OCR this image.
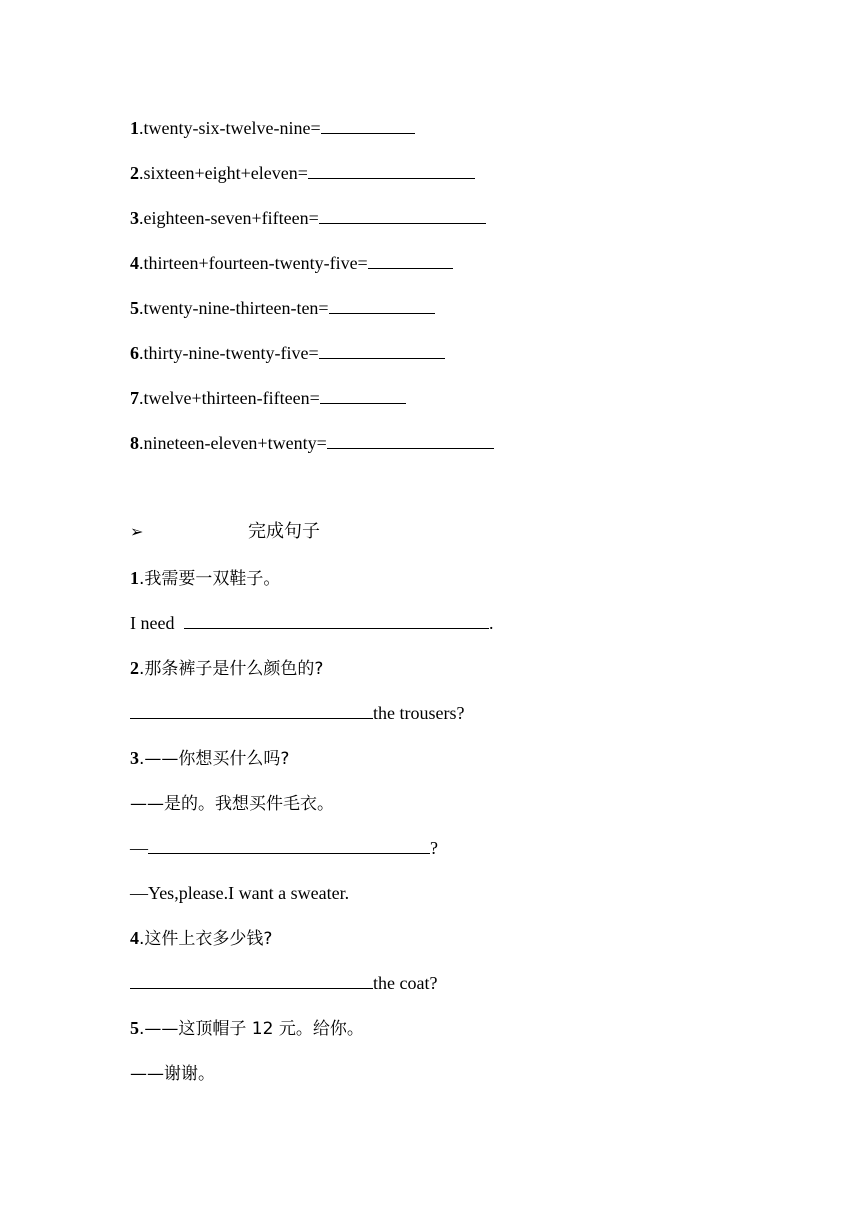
1.twenty-six-twelve-nine=
2.sixteen+eight+eleven=
3.eighteen-seven+fifteen=
4.thirteen+fourteen-twenty-five=
5.twenty-nine-thirteen-ten=
6.thirty-nine-twenty-five=
7.twelve+thirteen-fifteen=
8.nineteen-eleven+twenty=
➢	完成句子
1.我需要一双鞋子。
I need	.
2.那条裤子是什么颜色的?
the trousers?
3.——你想买什么吗?
——是的。我想买件毛衣。
—	?
—Yes,please.I want a sweater.
4.这件上衣多少钱?
the coat?
5.——这顶帽子 12 元。给你。
——谢谢。
